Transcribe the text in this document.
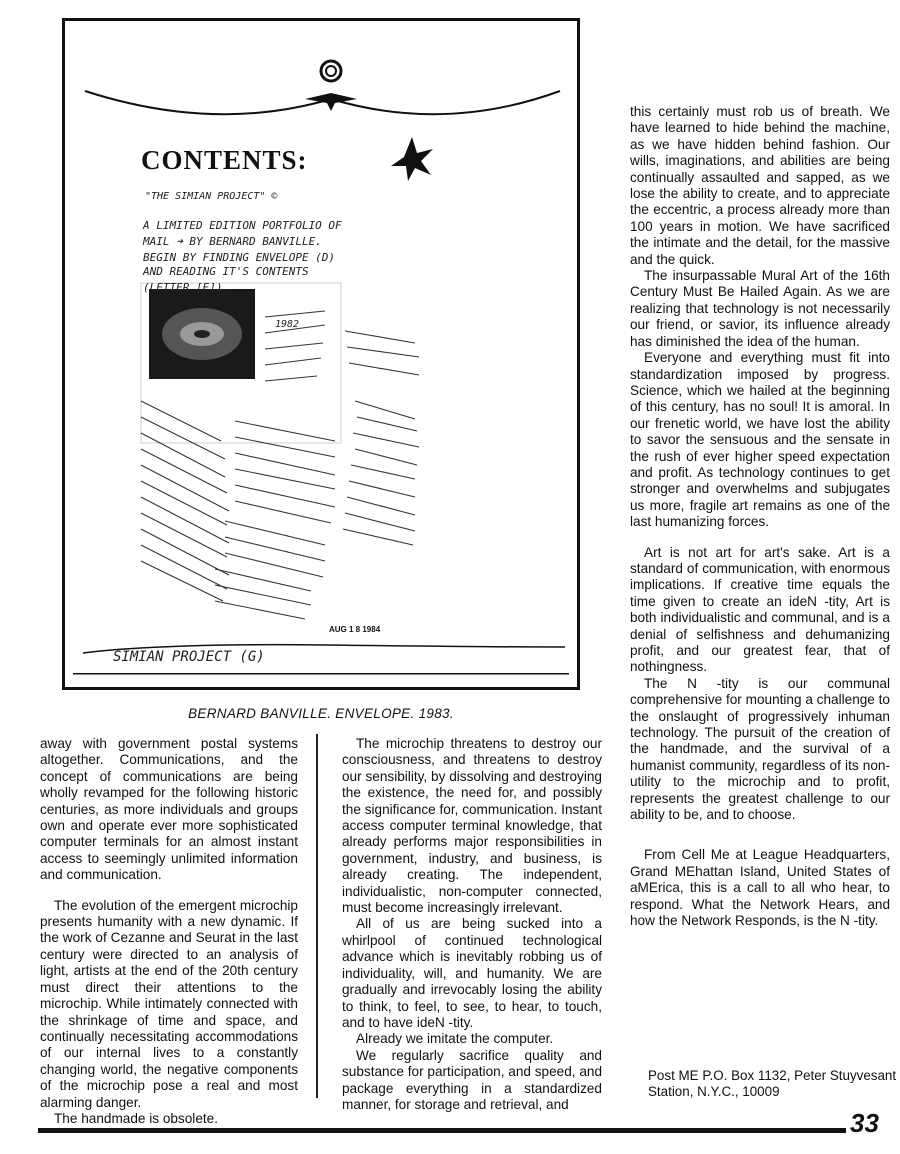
CONTENTS:
"THE SIMIAN PROJECT" ©
A LIMITED EDITION PORTFOLIO OF
MAIL ➜ BY BERNARD BANVILLE.
BEGIN BY FINDING ENVELOPE (D)
AND READING IT'S CONTENTS
(LETTER [E]).
1982
AUG 1 8 1984
SIMIAN PROJECT (G)
BERNARD BANVILLE. ENVELOPE. 1983.

away with government postal systems altogether. Communications, and the concept of communications are being wholly revamped for the following historic centuries, as more individuals and groups own and operate ever more sophisticated computer terminals for an almost instant access to seemingly unlimited information and communication.

The evolution of the emergent microchip presents humanity with a new dynamic. If the work of Cezanne and Seurat in the last century were directed to an analysis of light, artists at the end of the 20th century must direct their attentions to the microchip. While intimately connected with the shrinkage of time and space, and continually necessitating accommodations of our internal lives to a constantly changing world, the negative components of the microchip pose a real and most alarming danger.

The handmade is obsolete.

The microchip threatens to destroy our consciousness, and threatens to destroy our sensibility, by dissolving and destroying the existence, the need for, and possibly the significance for, communication. Instant access computer terminal knowledge, that already performs major responsibilities in government, industry, and business, is already creating. The independent, individualistic, non-computer connected, must become increasingly irrelevant.

All of us are being sucked into a whirlpool of continued technological advance which is inevitably robbing us of individuality, will, and humanity. We are gradually and irrevocably losing the ability to think, to feel, to see, to hear, to touch, and to have ideN -tity.

Already we imitate the computer.

We regularly sacrifice quality and substance for participation, and speed, and package everything in a standardized manner, for storage and retrieval, and

this certainly must rob us of breath. We have learned to hide behind the machine, as we have hidden behind fashion. Our wills, imaginations, and abilities are being continually assaulted and sapped, as we lose the ability to create, and to appreciate the eccentric, a process already more than 100 years in motion. We have sacrificed the intimate and the detail, for the massive and the quick.

The insurpassable Mural Art of the 16th Century Must Be Hailed Again. As we are realizing that technology is not necessarily our friend, or savior, its influence already has diminished the idea of the human.

Everyone and everything must fit into standardization imposed by progress. Science, which we hailed at the beginning of this century, has no soul! It is amoral. In our frenetic world, we have lost the ability to savor the sensuous and the sensate in the rush of ever higher speed expectation and profit. As technology continues to get stronger and overwhelms and subjugates us more, fragile art remains as one of the last humanizing forces.

Art is not art for art's sake. Art is a standard of communication, with enormous implications. If creative time equals the time given to create an ideN -tity, Art is both individualistic and communal, and is a denial of selfishness and dehumanizing profit, and our greatest fear, that of nothingness.

The N -tity is our communal comprehensive for mounting a challenge to the onslaught of progressively inhuman technology. The pursuit of the creation of the handmade, and the survival of a humanist community, regardless of its non-utility to the microchip and to profit, represents the greatest challenge to our ability to be, and to choose.

From Cell Me at League Headquarters, Grand MEhattan Island, United States of aMErica, this is a call to all who hear, to respond. What the Network Hears, and how the Network Responds, is the N -tity.

Post ME P.O. Box 1132, Peter Stuyvesant Station, N.Y.C., 10009
33
